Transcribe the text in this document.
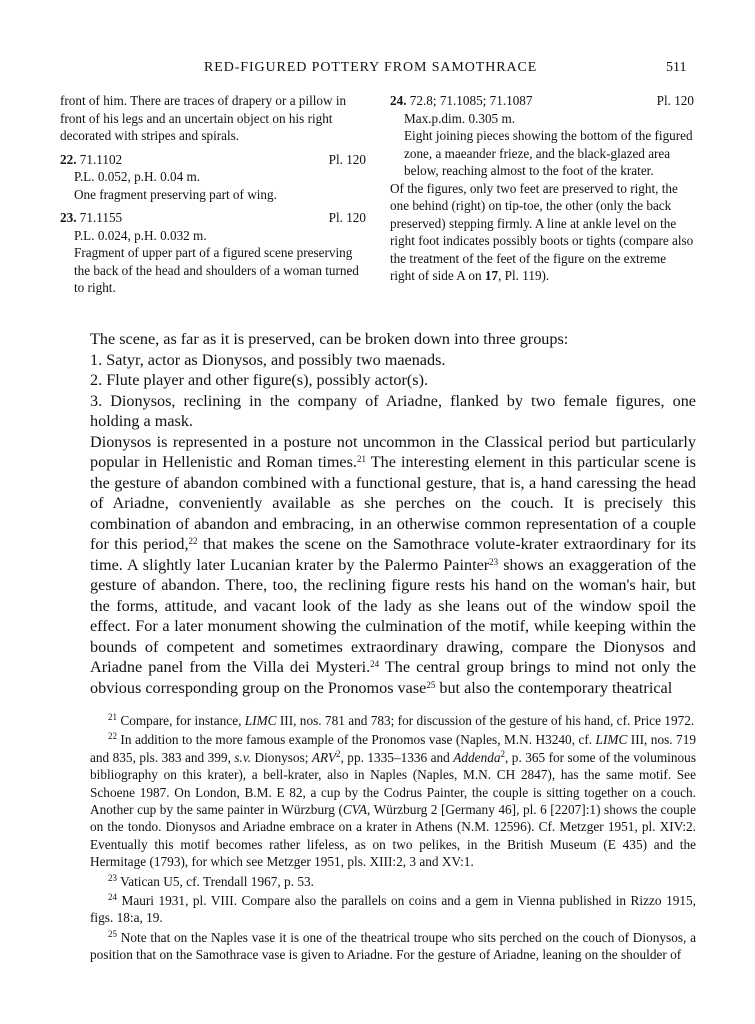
RED-FIGURED POTTERY FROM SAMOTHRACE	511

front of him. There are traces of drapery or a pillow in front of his legs and an uncertain object on his right decorated with stripes and spirals.

22. 71.1102	Pl. 120

P.L. 0.052, p.H. 0.04 m.

One fragment preserving part of wing.

23. 71.1155	Pl. 120

P.L. 0.024, p.H. 0.032 m.

Fragment of upper part of a figured scene preserving the back of the head and shoulders of a woman turned to right.

24. 72.8; 71.1085; 71.1087	Pl. 120

Max.p.dim. 0.305 m.

Eight joining pieces showing the bottom of the figured zone, a maeander frieze, and the black-glazed area below, reaching almost to the foot of the krater.

Of the figures, only two feet are preserved to right, the one behind (right) on tip-toe, the other (only the back preserved) stepping firmly. A line at ankle level on the right foot indicates possibly boots or tights (compare also the treatment of the feet of the figure on the extreme right of side A on 17, Pl. 119).

The scene, as far as it is preserved, can be broken down into three groups:

1. Satyr, actor as Dionysos, and possibly two maenads.

2. Flute player and other figure(s), possibly actor(s).

3. Dionysos, reclining in the company of Ariadne, flanked by two female figures, one holding a mask.

Dionysos is represented in a posture not uncommon in the Classical period but particularly popular in Hellenistic and Roman times.$^{21}$ The interesting element in this particular scene is the gesture of abandon combined with a functional gesture, that is, a hand caressing the head of Ariadne, conveniently available as she perches on the couch. It is precisely this combination of abandon and embracing, in an otherwise common representation of a couple for this period,$^{22}$ that makes the scene on the Samothrace volute-krater extraordinary for its time. A slightly later Lucanian krater by the Palermo Painter$^{23}$ shows an exaggeration of the gesture of abandon. There, too, the reclining figure rests his hand on the woman's hair, but the forms, attitude, and vacant look of the lady as she leans out of the window spoil the effect. For a later monument showing the culmination of the motif, while keeping within the bounds of competent and sometimes extraordinary drawing, compare the Dionysos and Ariadne panel from the Villa dei Mysteri.$^{24}$ The central group brings to mind not only the obvious corresponding group on the Pronomos vase$^{25}$ but also the contemporary theatrical

$^{21}$ Compare, for instance, LIMC III, nos. 781 and 783; for discussion of the gesture of his hand, cf. Price 1972.

$^{22}$ In addition to the more famous example of the Pronomos vase (Naples, M.N. H3240, cf. LIMC III, nos. 719 and 835, pls. 383 and 399, s.v. Dionysos; ARV$^2$, pp. 1335–1336 and Addenda$^2$, p. 365 for some of the voluminous bibliography on this krater), a bell-krater, also in Naples (Naples, M.N. CH 2847), has the same motif. See Schoene 1987. On London, B.M. E 82, a cup by the Codrus Painter, the couple is sitting together on a couch. Another cup by the same painter in Würzburg (CVA, Würzburg 2 [Germany 46], pl. 6 [2207]:1) shows the couple on the tondo. Dionysos and Ariadne embrace on a krater in Athens (N.M. 12596). Cf. Metzger 1951, pl. XIV:2. Eventually this motif becomes rather lifeless, as on two pelikes, in the British Museum (E 435) and the Hermitage (1793), for which see Metzger 1951, pls. XIII:2, 3 and XV:1.

$^{23}$ Vatican U5, cf. Trendall 1967, p. 53.

$^{24}$ Mauri 1931, pl. VIII. Compare also the parallels on coins and a gem in Vienna published in Rizzo 1915, figs. 18:a, 19.

$^{25}$ Note that on the Naples vase it is one of the theatrical troupe who sits perched on the couch of Dionysos, a position that on the Samothrace vase is given to Ariadne. For the gesture of Ariadne, leaning on the shoulder of
